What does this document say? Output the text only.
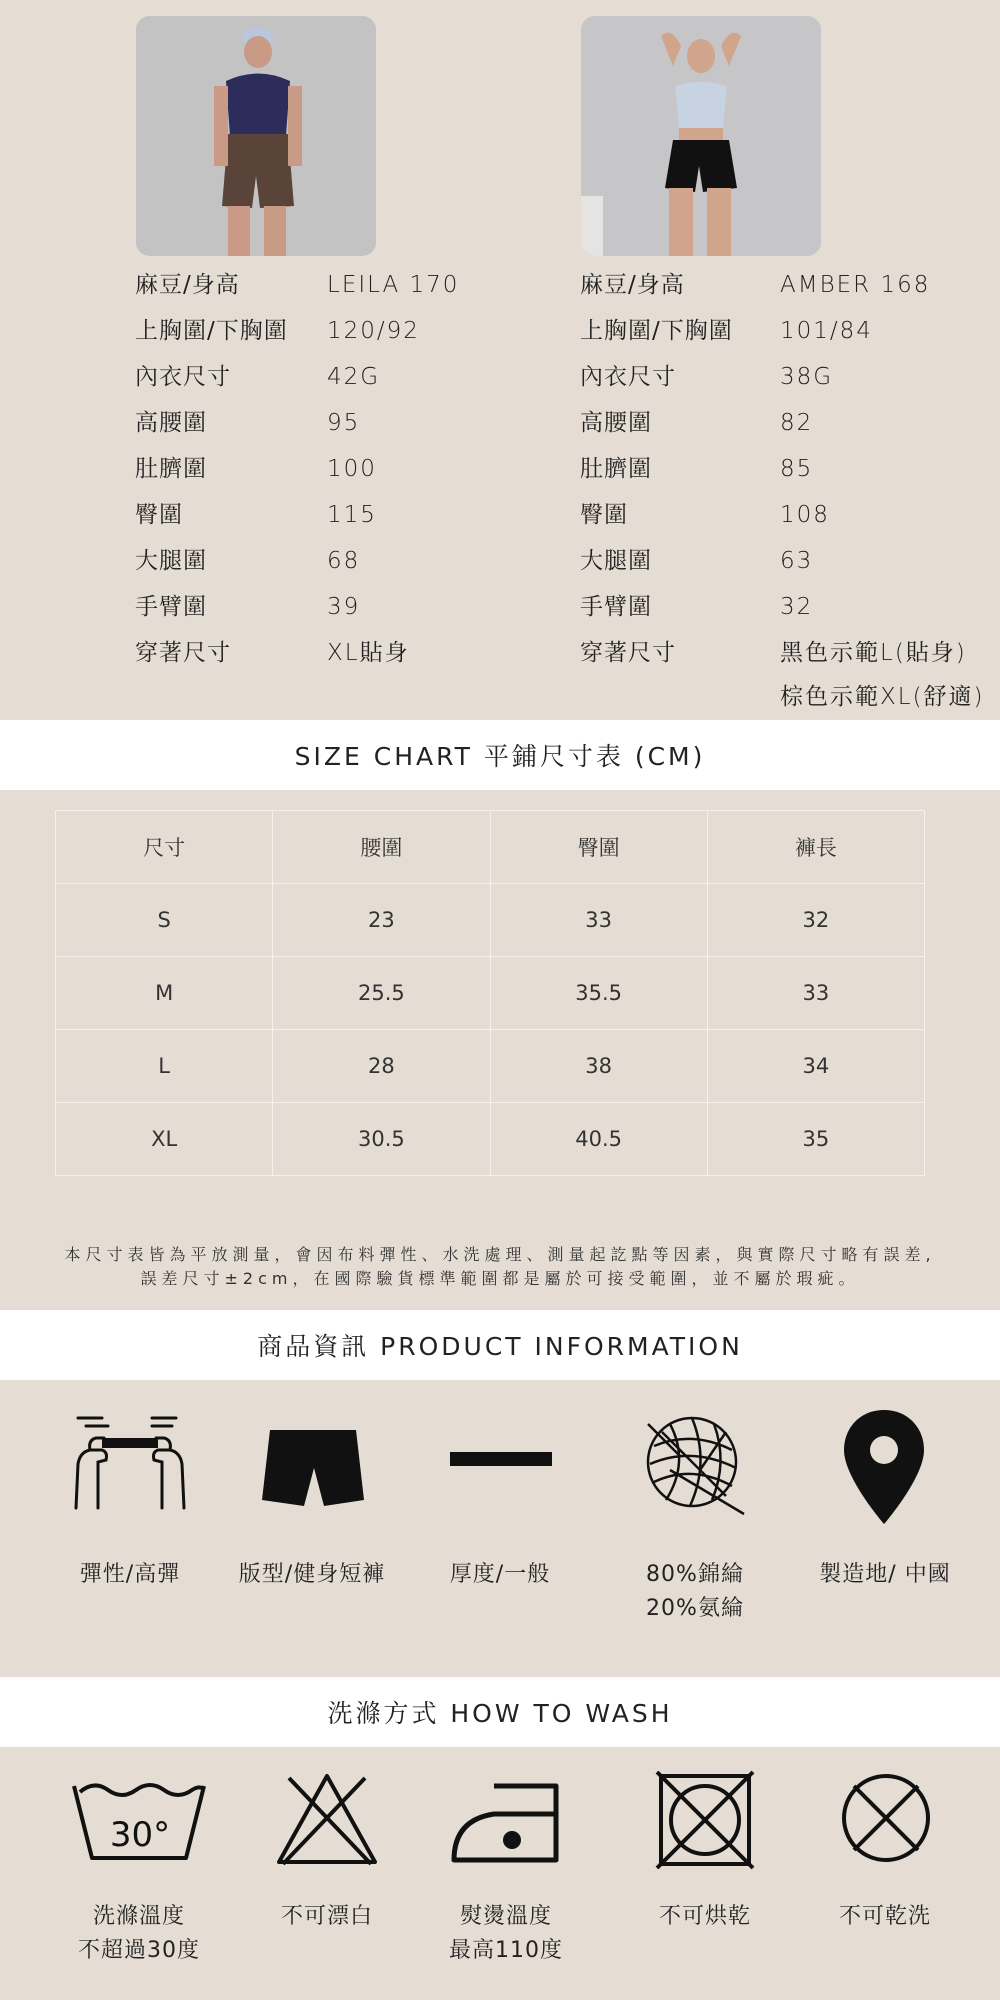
麻豆/身高	LEILA 170
上胸圍/下胸圍 120/92
內衣尺寸	42G
高腰圍	95
肚臍圍	100
臀圍	115
大腿圍	68
手臂圍	39
穿著尺寸	XL貼身
麻豆/身高	AMBER 168
上胸圍/下胸圍 101/84
內衣尺寸	38G
高腰圍	82
肚臍圍	85
臀圍	108
大腿圍	63
手臂圍	32
穿著尺寸	黑色示範L(貼身)
棕色示範XL(舒適)
SIZE CHART 平鋪尺寸表 (CM)
尺寸	腰圍	臀圍	褲長
S	23	33	32
M	25.5	35.5	33
L	28	38	34
XL	30.5	40.5	35
本尺寸表皆為平放測量，會因布料彈性、水洗處理、測量起訖點等因素，與實際尺寸略有誤差,
誤差尺寸±2cm，在國際驗貨標準範圍都是屬於可接受範圍，並不屬於瑕疵。
商品資訊 PRODUCT INFORMATION
彈性/高彈	版型/健身短褲	厚度/一般	80%錦綸
20%氨綸
製造地/ 中國
洗滌方式 HOW TO WASH
30°
洗滌溫度
不超過30度
不可漂白	熨燙溫度
最高110度
不可烘乾	不可乾洗
